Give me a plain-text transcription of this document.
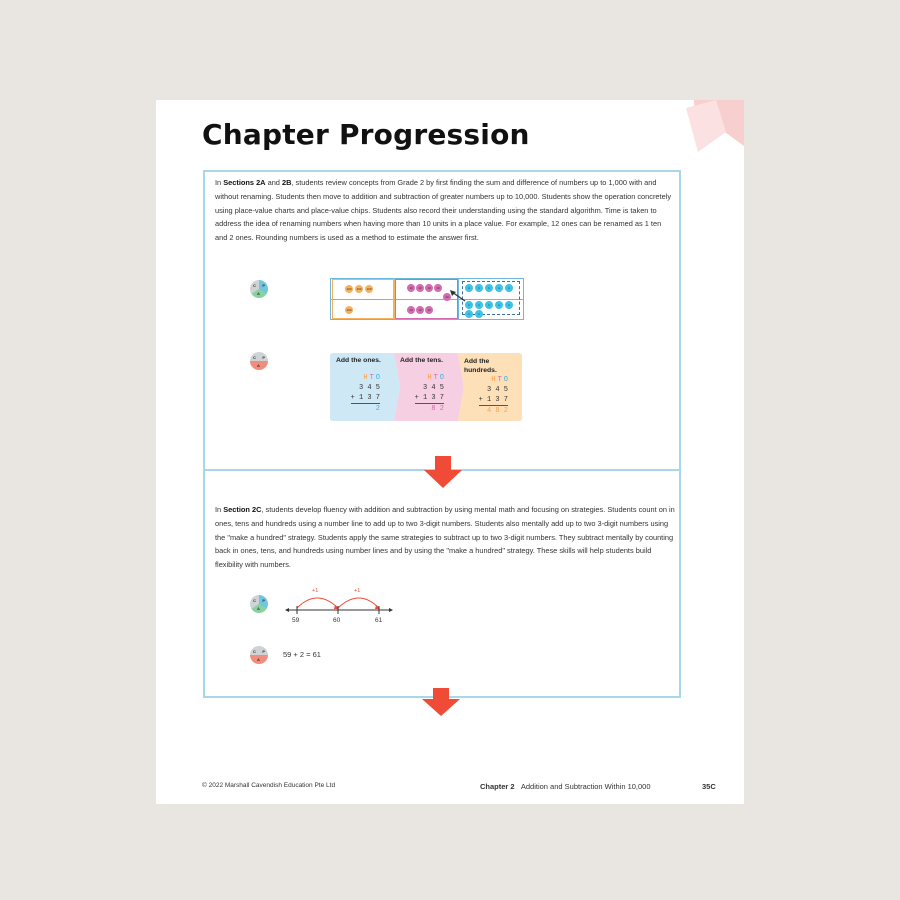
Chapter Progression

In Sections 2A and 2B, students review concepts from Grade 2 by first finding the sum and difference of numbers up to 1,000 with and without renaming. Students then move to addition and subtraction of greater numbers up to 10,000. Students show the operation concretely using place-value charts and place-value chips. Students also record their understanding using the standard algorithm. Time is taken to address the idea of renaming numbers when having more than 10 units in a place value. For example, 12 ones can be renamed as 1 ten and 2 ones. Rounding numbers is used as a method to estimate the answer first.

C P
A
100	100	100
100
10	10	10	10
10
10	10	10
1	1	1	1	1
1	1	1	1	1
1	1
C P
A
Add the ones.
H T O
3 4 5
+ 1 3 7
2
Add the tens.
H T O
3 4 5
+ 1 3 7
8 2
Add the hundreds.
H T O
3 4 5
+ 1 3 7
4 8 2

In Section 2C, students develop fluency with addition and subtraction by using mental math and focusing on strategies. Students count on in ones, tens and hundreds using a number line to add up to two 3-digit numbers. Students also mentally add up to two 3-digit numbers using the "make a hundred" strategy. Students apply the same strategies to subtract up to two 3-digit numbers. They subtract mentally by counting back in ones, tens, and hundreds using number lines and by using the "make a hundred" strategy. These skills will help students build flexibility with numbers.

C P
A
+1	+1
59	60	61
C P
A
59 + 2 = 61
© 2022 Marshall Cavendish Education Pte Ltd	Chapter 2 Addition and Subtraction Within 10,000	35C
